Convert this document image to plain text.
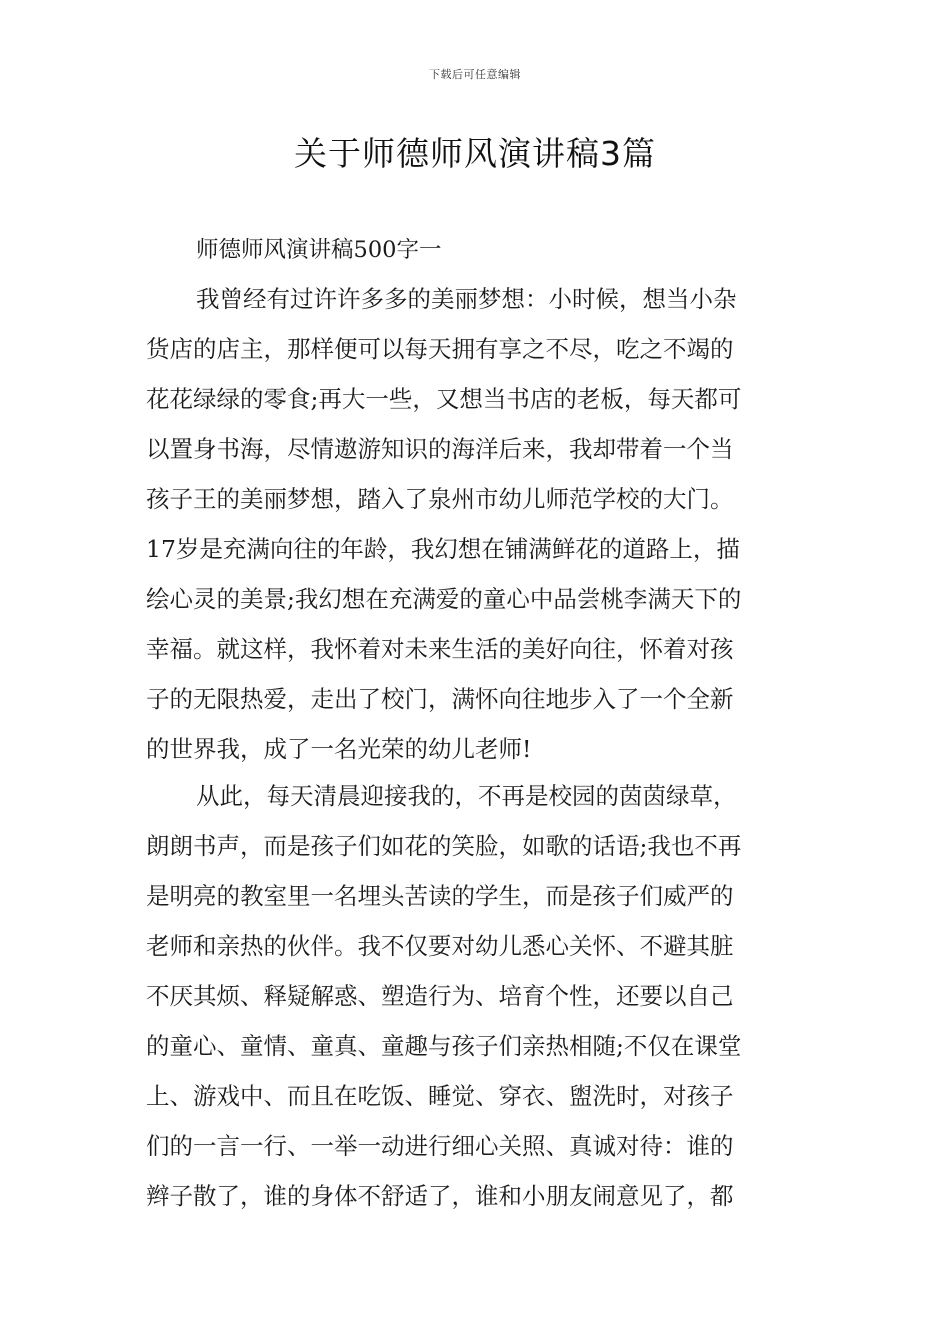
下载后可任意编辑
关于师德师风演讲稿3篇
师德师风演讲稿500字一
我曾经有过许许多多的美丽梦想：小时候，想当小杂
货店的店主，那样便可以每天拥有享之不尽，吃之不竭的
花花绿绿的零食;再大一些，又想当书店的老板，每天都可
以置身书海，尽情遨游知识的海洋后来，我却带着一个当
孩子王的美丽梦想，踏入了泉州市幼儿师范学校的大门。
17岁是充满向往的年龄，我幻想在铺满鲜花的道路上，描
绘心灵的美景;我幻想在充满爱的童心中品尝桃李满天下的
幸福。就这样，我怀着对未来生活的美好向往，怀着对孩
子的无限热爱，走出了校门，满怀向往地步入了一个全新
的世界我，成了一名光荣的幼儿老师!
从此，每天清晨迎接我的，不再是校园的茵茵绿草，
朗朗书声，而是孩子们如花的笑脸，如歌的话语;我也不再
是明亮的教室里一名埋头苦读的学生，而是孩子们威严的
老师和亲热的伙伴。我不仅要对幼儿悉心关怀、不避其脏
不厌其烦、释疑解惑、塑造行为、培育个性，还要以自己
的童心、童情、童真、童趣与孩子们亲热相随;不仅在课堂
上、游戏中、而且在吃饭、睡觉、穿衣、盥洗时，对孩子
们的一言一行、一举一动进行细心关照、真诚对待：谁的
辫子散了，谁的身体不舒适了，谁和小朋友闹意见了，都
